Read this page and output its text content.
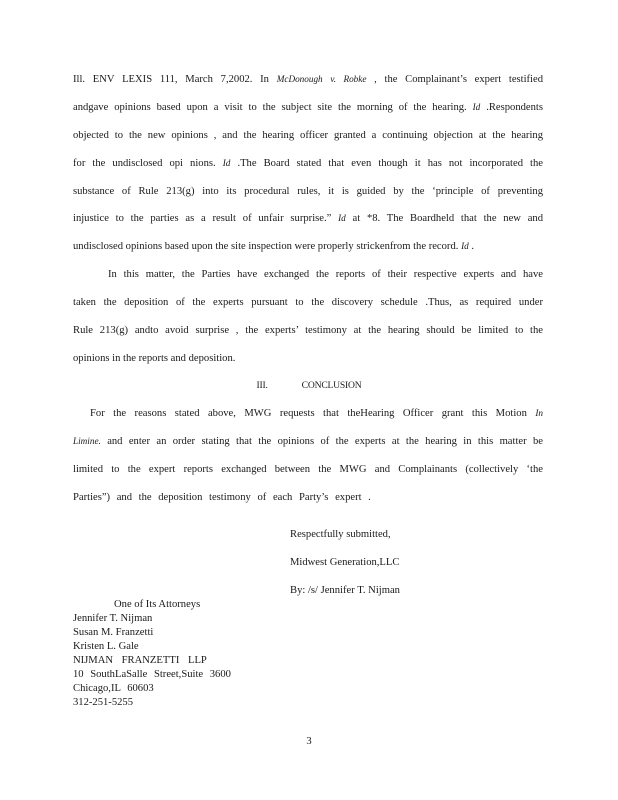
Ill. ENV LEXIS 111, March 7,2002. In McDonough v. Robke , the Complainant’s expert testified
andgave opinions based upon a visit to the subject site the morning of the hearing. Id .Respondents
objected to the new opinions , and the hearing officer granted a continuing objection at the hearing
for the undisclosed opi nions. Id .The Board stated that even though it has not incorporated the
substance of Rule 213(g) into its procedural rules, it is guided by the ‘principle of preventing
injustice to the parties as a result of unfair surprise.” Id at *8. The Boardheld that the new and
undisclosed opinions based upon the site inspection were properly strickenfrom the record. Id .
In this matter, the Parties have exchanged the reports of their respective experts and have
taken the deposition of the experts pursuant to the discovery schedule .Thus, as required under
Rule 213(g) andto avoid surprise , the experts’ testimony at the hearing should be limited to the
opinions in the reports and deposition.
III.	CONCLUSION
For the reasons stated above, MWG requests that theHearing Officer grant this Motion In
Limine. and enter an order stating that the opinions of the experts at the hearing in this matter be
limited to the expert reports exchanged between the MWG and Complainants (collectively ‘the
Parties”) and the deposition testimony of each Party’s expert .
Respectfully submitted,
Midwest Generation,LLC
By: /s/ Jennifer T. Nijman
One of Its Attorneys
Jennifer T. Nijman
Susan M. Franzetti
Kristen L. Gale
NIJMAN FRANZETTI LLP
10 SouthLaSalle Street,Suite 3600
Chicago,IL 60603
312-251-5255
3
